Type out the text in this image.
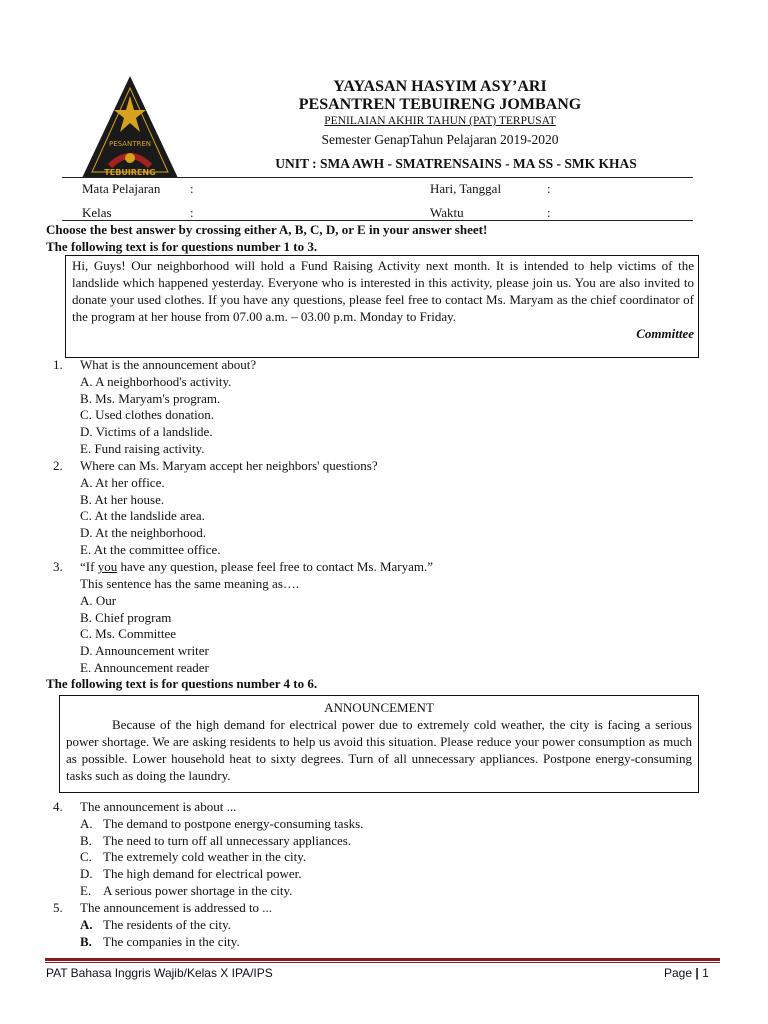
PESANTREN
TEBUIRENG
YAYASAN HASYIM ASY’ARI
PESANTREN TEBUIRENG JOMBANG
PENILAIAN AKHIR TAHUN (PAT) TERPUSAT
Semester GenapTahun Pelajaran 2019-2020
UNIT : SMA AWH - SMATRENSAINS - MA SS - SMK KHAS
Mata Pelajaran :	Hari, Tanggal	:
Kelas	:	Waktu	:
Choose the best answer by crossing either A, B, C, D, or E in your answer sheet!
The following text is for questions number 1 to 3.
Hi, Guys! Our neighborhood will hold a Fund Raising Activity next month. It is intended to help victims of the landslide which happened yesterday. Everyone who is interested in this activity, please join us. You are also invited to donate your used clothes. If you have any questions, please feel free to contact Ms. Maryam as the chief coordinator of the program at her house from 07.00 a.m. – 03.00 p.m. Monday to Friday.
Committee
1. What is the announcement about?
A. A neighborhood's activity.
B. Ms. Maryam's program.
C. Used clothes donation.
D. Victims of a landslide.
E. Fund raising activity.
2. Where can Ms. Maryam accept her neighbors' questions?
A. At her office.
B. At her house.
C. At the landslide area.
D. At the neighborhood.
E. At the committee office.
3. “If you have any question, please feel free to contact Ms. Maryam.”
This sentence has the same meaning as….
A. Our
B. Chief program
C. Ms. Committee
D. Announcement writer
E. Announcement reader
The following text is for questions number 4 to 6.
ANNOUNCEMENT
Because of the high demand for electrical power due to extremely cold weather, the city is facing a serious power shortage. We are asking residents to help us avoid this situation. Please reduce your power consumption as much as possible. Lower household heat to sixty degrees. Turn of all unnecessary appliances. Postpone energy-consuming tasks such as doing the laundry.
4. The announcement is about ...
A. The demand to postpone energy-consuming tasks.
B. The need to turn off all unnecessary appliances.
C. The extremely cold weather in the city.
D. The high demand for electrical power.
E. A serious power shortage in the city.
5. The announcement is addressed to ...
A. The residents of the city.
B. The companies in the city.
PAT Bahasa Inggris Wajib/Kelas X IPA/IPS	Page | 1
